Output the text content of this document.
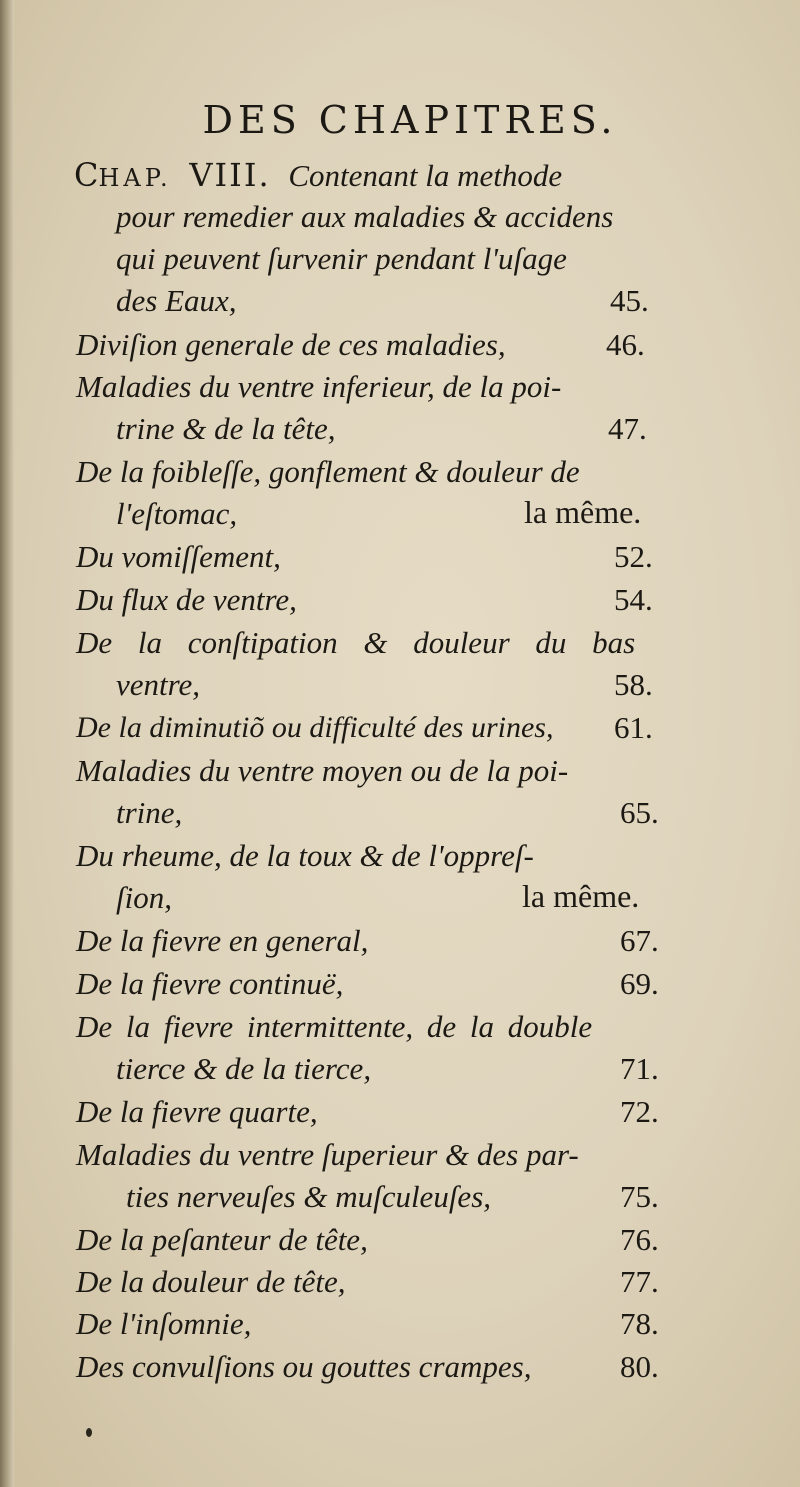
DES CHAPITRES.
CHAP. VIII. Contenant la methode
pour remedier aux maladies & accidens
qui peuvent ſurvenir pendant l'uſage
des Eaux,	45.
Diviſion generale de ces maladies,	46.
Maladies du ventre inferieur, de la poi-
trine & de la tête,	47.
De la foibleſſe, gonflement & douleur de
l'eſtomac,	la même.
Du vomiſſement,	52.
Du flux de ventre,	54.
De la conſtipation & douleur du bas
ventre,	58.
De la diminutiõ ou difficulté des urines, 61.
Maladies du ventre moyen ou de la poi-
trine,	65.
Du rheume, de la toux & de l'oppreſ-
ſion,	la même.
De la fievre en general,	67.
De la fievre continuë,	69.
De la fievre intermittente, de la double
tierce & de la tierce,	71.
De la fievre quarte,	72.
Maladies du ventre ſuperieur & des par-
ties nerveuſes & muſculeuſes,	75.
De la peſanteur de tête,	76.
De la douleur de tête,	77.
De l'inſomnie,	78.
Des convulſions ou gouttes crampes,	80.
